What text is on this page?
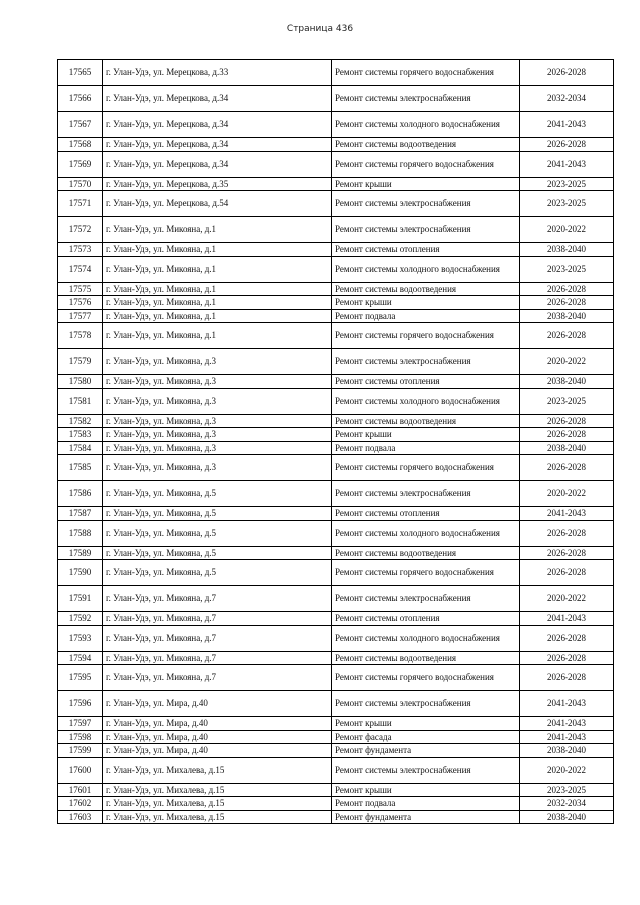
Страница 436
17565	г. Улан-Удэ, ул. Мерецкова, д.33	Ремонт системы горячего водоснабжения	2026-2028
17566	г. Улан-Удэ, ул. Мерецкова, д.34	Ремонт системы электроснабжения	2032-2034
17567	г. Улан-Удэ, ул. Мерецкова, д.34	Ремонт системы холодного водоснабжения	2041-2043
17568	г. Улан-Удэ, ул. Мерецкова, д.34	Ремонт системы водоотведения	2026-2028
17569	г. Улан-Удэ, ул. Мерецкова, д.34	Ремонт системы горячего водоснабжения	2041-2043
17570	г. Улан-Удэ, ул. Мерецкова, д.35	Ремонт крыши	2023-2025
17571	г. Улан-Удэ, ул. Мерецкова, д.54	Ремонт системы электроснабжения	2023-2025
17572	г. Улан-Удэ, ул. Микояна, д.1	Ремонт системы электроснабжения	2020-2022
17573	г. Улан-Удэ, ул. Микояна, д.1	Ремонт системы отопления	2038-2040
17574	г. Улан-Удэ, ул. Микояна, д.1	Ремонт системы холодного водоснабжения	2023-2025
17575	г. Улан-Удэ, ул. Микояна, д.1	Ремонт системы водоотведения	2026-2028
17576	г. Улан-Удэ, ул. Микояна, д.1	Ремонт крыши	2026-2028
17577	г. Улан-Удэ, ул. Микояна, д.1	Ремонт подвала	2038-2040
17578	г. Улан-Удэ, ул. Микояна, д.1	Ремонт системы горячего водоснабжения	2026-2028
17579	г. Улан-Удэ, ул. Микояна, д.3	Ремонт системы электроснабжения	2020-2022
17580	г. Улан-Удэ, ул. Микояна, д.3	Ремонт системы отопления	2038-2040
17581	г. Улан-Удэ, ул. Микояна, д.3	Ремонт системы холодного водоснабжения	2023-2025
17582	г. Улан-Удэ, ул. Микояна, д.3	Ремонт системы водоотведения	2026-2028
17583	г. Улан-Удэ, ул. Микояна, д.3	Ремонт крыши	2026-2028
17584	г. Улан-Удэ, ул. Микояна, д.3	Ремонт подвала	2038-2040
17585	г. Улан-Удэ, ул. Микояна, д.3	Ремонт системы горячего водоснабжения	2026-2028
17586	г. Улан-Удэ, ул. Микояна, д.5	Ремонт системы электроснабжения	2020-2022
17587	г. Улан-Удэ, ул. Микояна, д.5	Ремонт системы отопления	2041-2043
17588	г. Улан-Удэ, ул. Микояна, д.5	Ремонт системы холодного водоснабжения	2026-2028
17589	г. Улан-Удэ, ул. Микояна, д.5	Ремонт системы водоотведения	2026-2028
17590	г. Улан-Удэ, ул. Микояна, д.5	Ремонт системы горячего водоснабжения	2026-2028
17591	г. Улан-Удэ, ул. Микояна, д.7	Ремонт системы электроснабжения	2020-2022
17592	г. Улан-Удэ, ул. Микояна, д.7	Ремонт системы отопления	2041-2043
17593	г. Улан-Удэ, ул. Микояна, д.7	Ремонт системы холодного водоснабжения	2026-2028
17594	г. Улан-Удэ, ул. Микояна, д.7	Ремонт системы водоотведения	2026-2028
17595	г. Улан-Удэ, ул. Микояна, д.7	Ремонт системы горячего водоснабжения	2026-2028
17596	г. Улан-Удэ, ул. Мира, д.40	Ремонт системы электроснабжения	2041-2043
17597	г. Улан-Удэ, ул. Мира, д.40	Ремонт крыши	2041-2043
17598	г. Улан-Удэ, ул. Мира, д.40	Ремонт фасада	2041-2043
17599	г. Улан-Удэ, ул. Мира, д.40	Ремонт фундамента	2038-2040
17600	г. Улан-Удэ, ул. Михалева, д.15	Ремонт системы электроснабжения	2020-2022
17601	г. Улан-Удэ, ул. Михалева, д.15	Ремонт крыши	2023-2025
17602	г. Улан-Удэ, ул. Михалева, д.15	Ремонт подвала	2032-2034
17603	г. Улан-Удэ, ул. Михалева, д.15	Ремонт фундамента	2038-2040
